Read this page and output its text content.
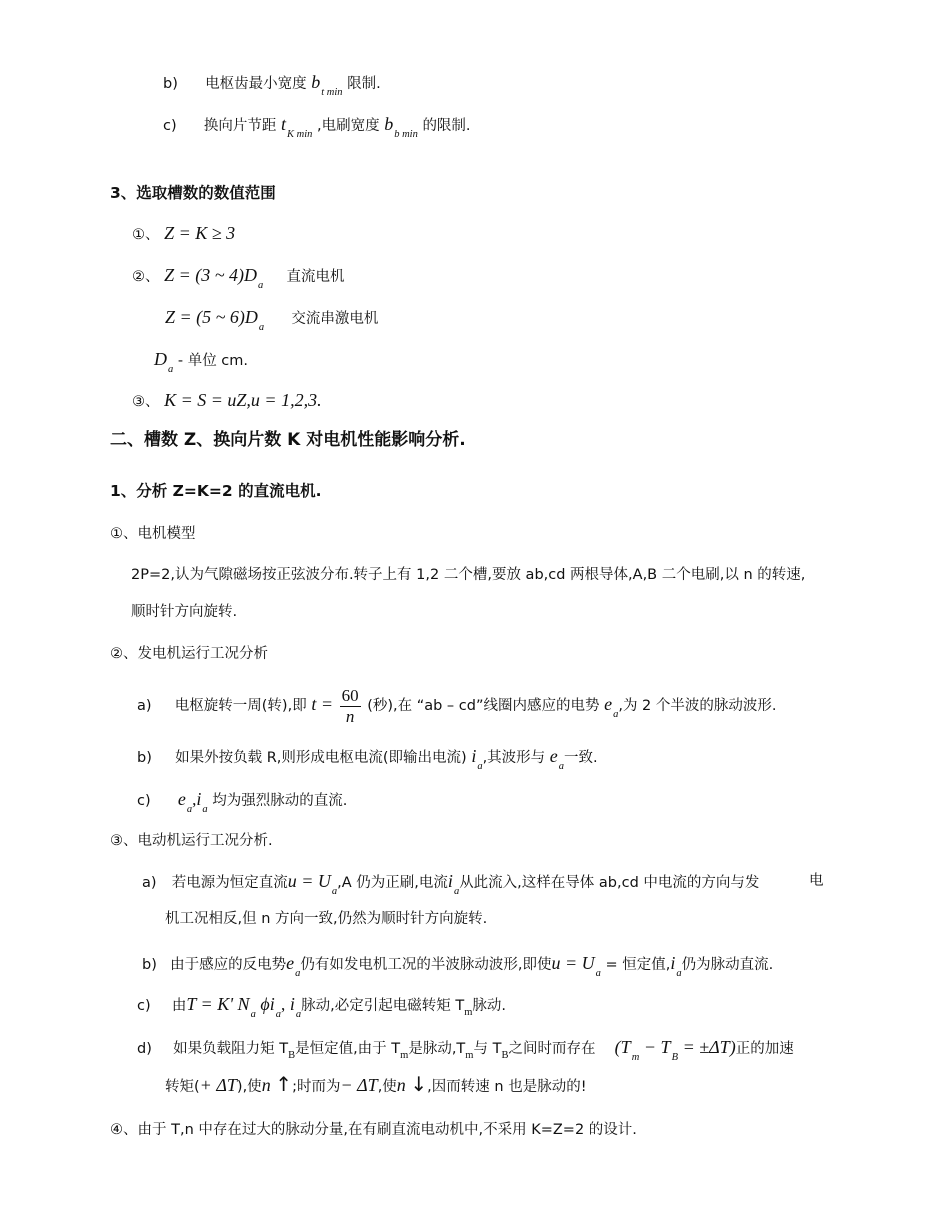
b) 电枢齿最小宽度 $b_{t min}$ 限制.
c) 换向片节距 $t_{K min}$ ,电刷宽度 $b_{b min}$ 的限制.
3、选取槽数的数值范围
①、 Z = K ≥ 3
②、 Z = (3 ~ $4)D_a$  直流电机
Z = (5 ~ $6)D_a$  交流串激电机
$D_a$ - 单位 cm.
③、 K = S = uZ,u = 1,2,3.
二、槽数 Z、换向片数 K 对电机性能影响分析.
1、分析 Z=K=2 的直流电机.
①、电机模型
2P=2,认为气隙磁场按正弦波分布.转子上有 1,2 二个槽,要放 ab,cd 两根导体,A,B 二个电刷,以 n 的转速,
顺时针方向旋转.
②、发电机运行工况分析
a) 电枢旋转一周(转),即 $t = \frac{60}{n}$ (秒),在 “ab – cd”线圈内感应的电势 $e_a$,为 2 个半波的脉动波形.
b) 如果外按负载 R,则形成电枢电流(即输出电流) $i_a$,其波形与 $e_a$一致.
c) $e_a,i_a$ 均为强烈脉动的直流.
③、电动机运行工况分析.
a) 若电源为恒定直流$u = U_a,A$ 仍为正刷,电流$i_a$从此流入,这样在导体 ab,cd 中电流的方向与发	电
机工况相反,但 n 方向一致,仍然为顺时针方向旋转.
b) 由于感应的反电势$e_a$仍有如发电机工况的半波脉动波形,即使$u = U_a$ = 恒定值$,i_a$仍为脉动直流.
c) 由T = K' $N_a$ $\phi i_a$, $i_a$脉动,必定引起电磁转矩 $T_m$脉动.
d) 如果负载阻力矩 $T_B$是恒定值,由于 $T_m$是脉动$,T_m$与 $T_B$之间时而存在 $(T_m - T_B = \pm\Delta T)$正的加速
转矩(+ ΔT),使n ↑;时而为− ΔT,使n ↓,因而转速 n 也是脉动的!
④、由于 T,n 中存在过大的脉动分量,在有刷直流电动机中,不采用 K=Z=2 的设计.
